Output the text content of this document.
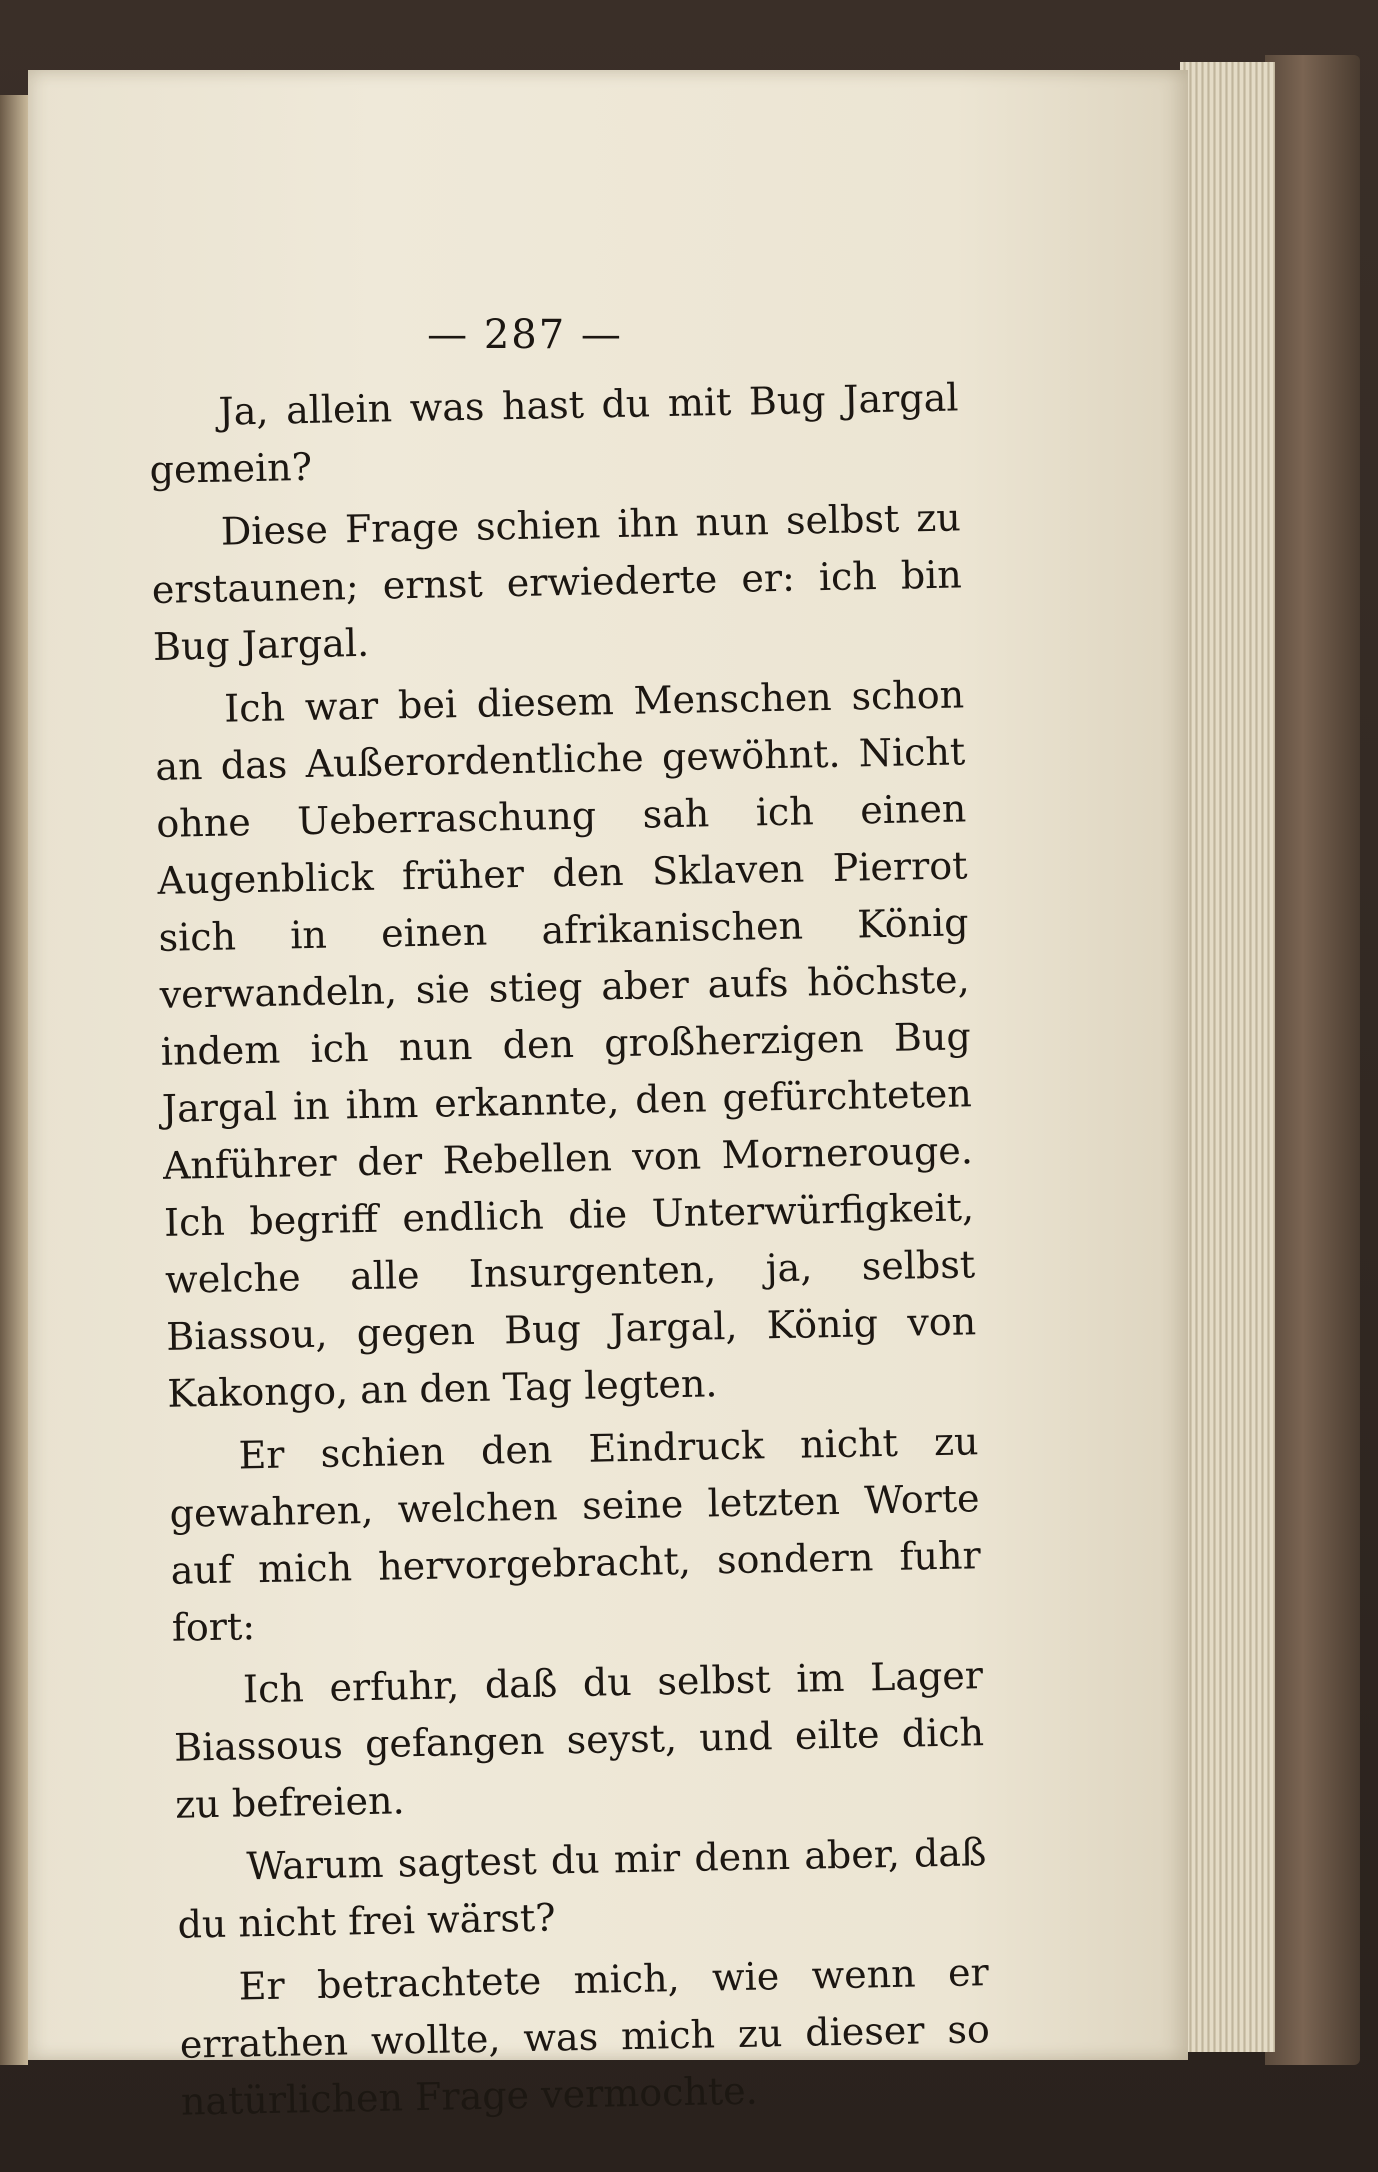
— 287 —

Ja, allein was hast du mit Bug Jargal gemein?

Diese Frage schien ihn nun selbst zu erstaunen; ernst erwiederte er: ich bin Bug Jargal.

Ich war bei diesem Menschen schon an das Außerordentliche gewöhnt. Nicht ohne Ueberraschung sah ich einen Augenblick früher den Sklaven Pierrot sich in einen afrikanischen König verwandeln, sie stieg aber aufs höchste, indem ich nun den großherzigen Bug Jargal in ihm erkannte, den gefürchteten Anführer der Rebellen von Mornerouge. Ich begriff endlich die Unterwürfigkeit, welche alle Insurgenten, ja, selbst Biassou, gegen Bug Jargal, König von Kakongo, an den Tag legten.

Er schien den Eindruck nicht zu gewahren, welchen seine letzten Worte auf mich hervorgebracht, sondern fuhr fort:

Ich erfuhr, daß du selbst im Lager Biassous gefangen seyst, und eilte dich zu befreien.

Warum sagtest du mir denn aber, daß du nicht frei wärst?

Er betrachtete mich, wie wenn er errathen wollte, was mich zu dieser so natürlichen Frage vermochte.
